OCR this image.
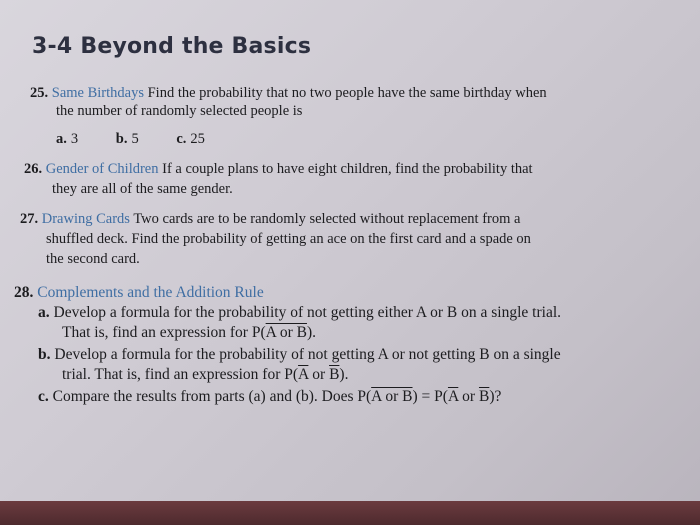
3-4 Beyond the Basics
25. Same Birthdays Find the probability that no two people have the same birthday when
the number of randomly selected people is
a. 3	b. 5	c. 25
26. Gender of Children If a couple plans to have eight children, find the probability that
they are all of the same gender.
27. Drawing Cards Two cards are to be randomly selected without replacement from a
shuffled deck. Find the probability of getting an ace on the first card and a spade on
the second card.
28. Complements and the Addition Rule
a. Develop a formula for the probability of not getting either A or B on a single trial.
That is, find an expression for P(A or B).
b. Develop a formula for the probability of not getting A or not getting B on a single
trial. That is, find an expression for $P(\overline{A}$ or $\overline{B}$).
c. Compare the results from parts (a) and (b). Does P(A or $B) = P(\overline{A}$ or $\overline{B}$)?
